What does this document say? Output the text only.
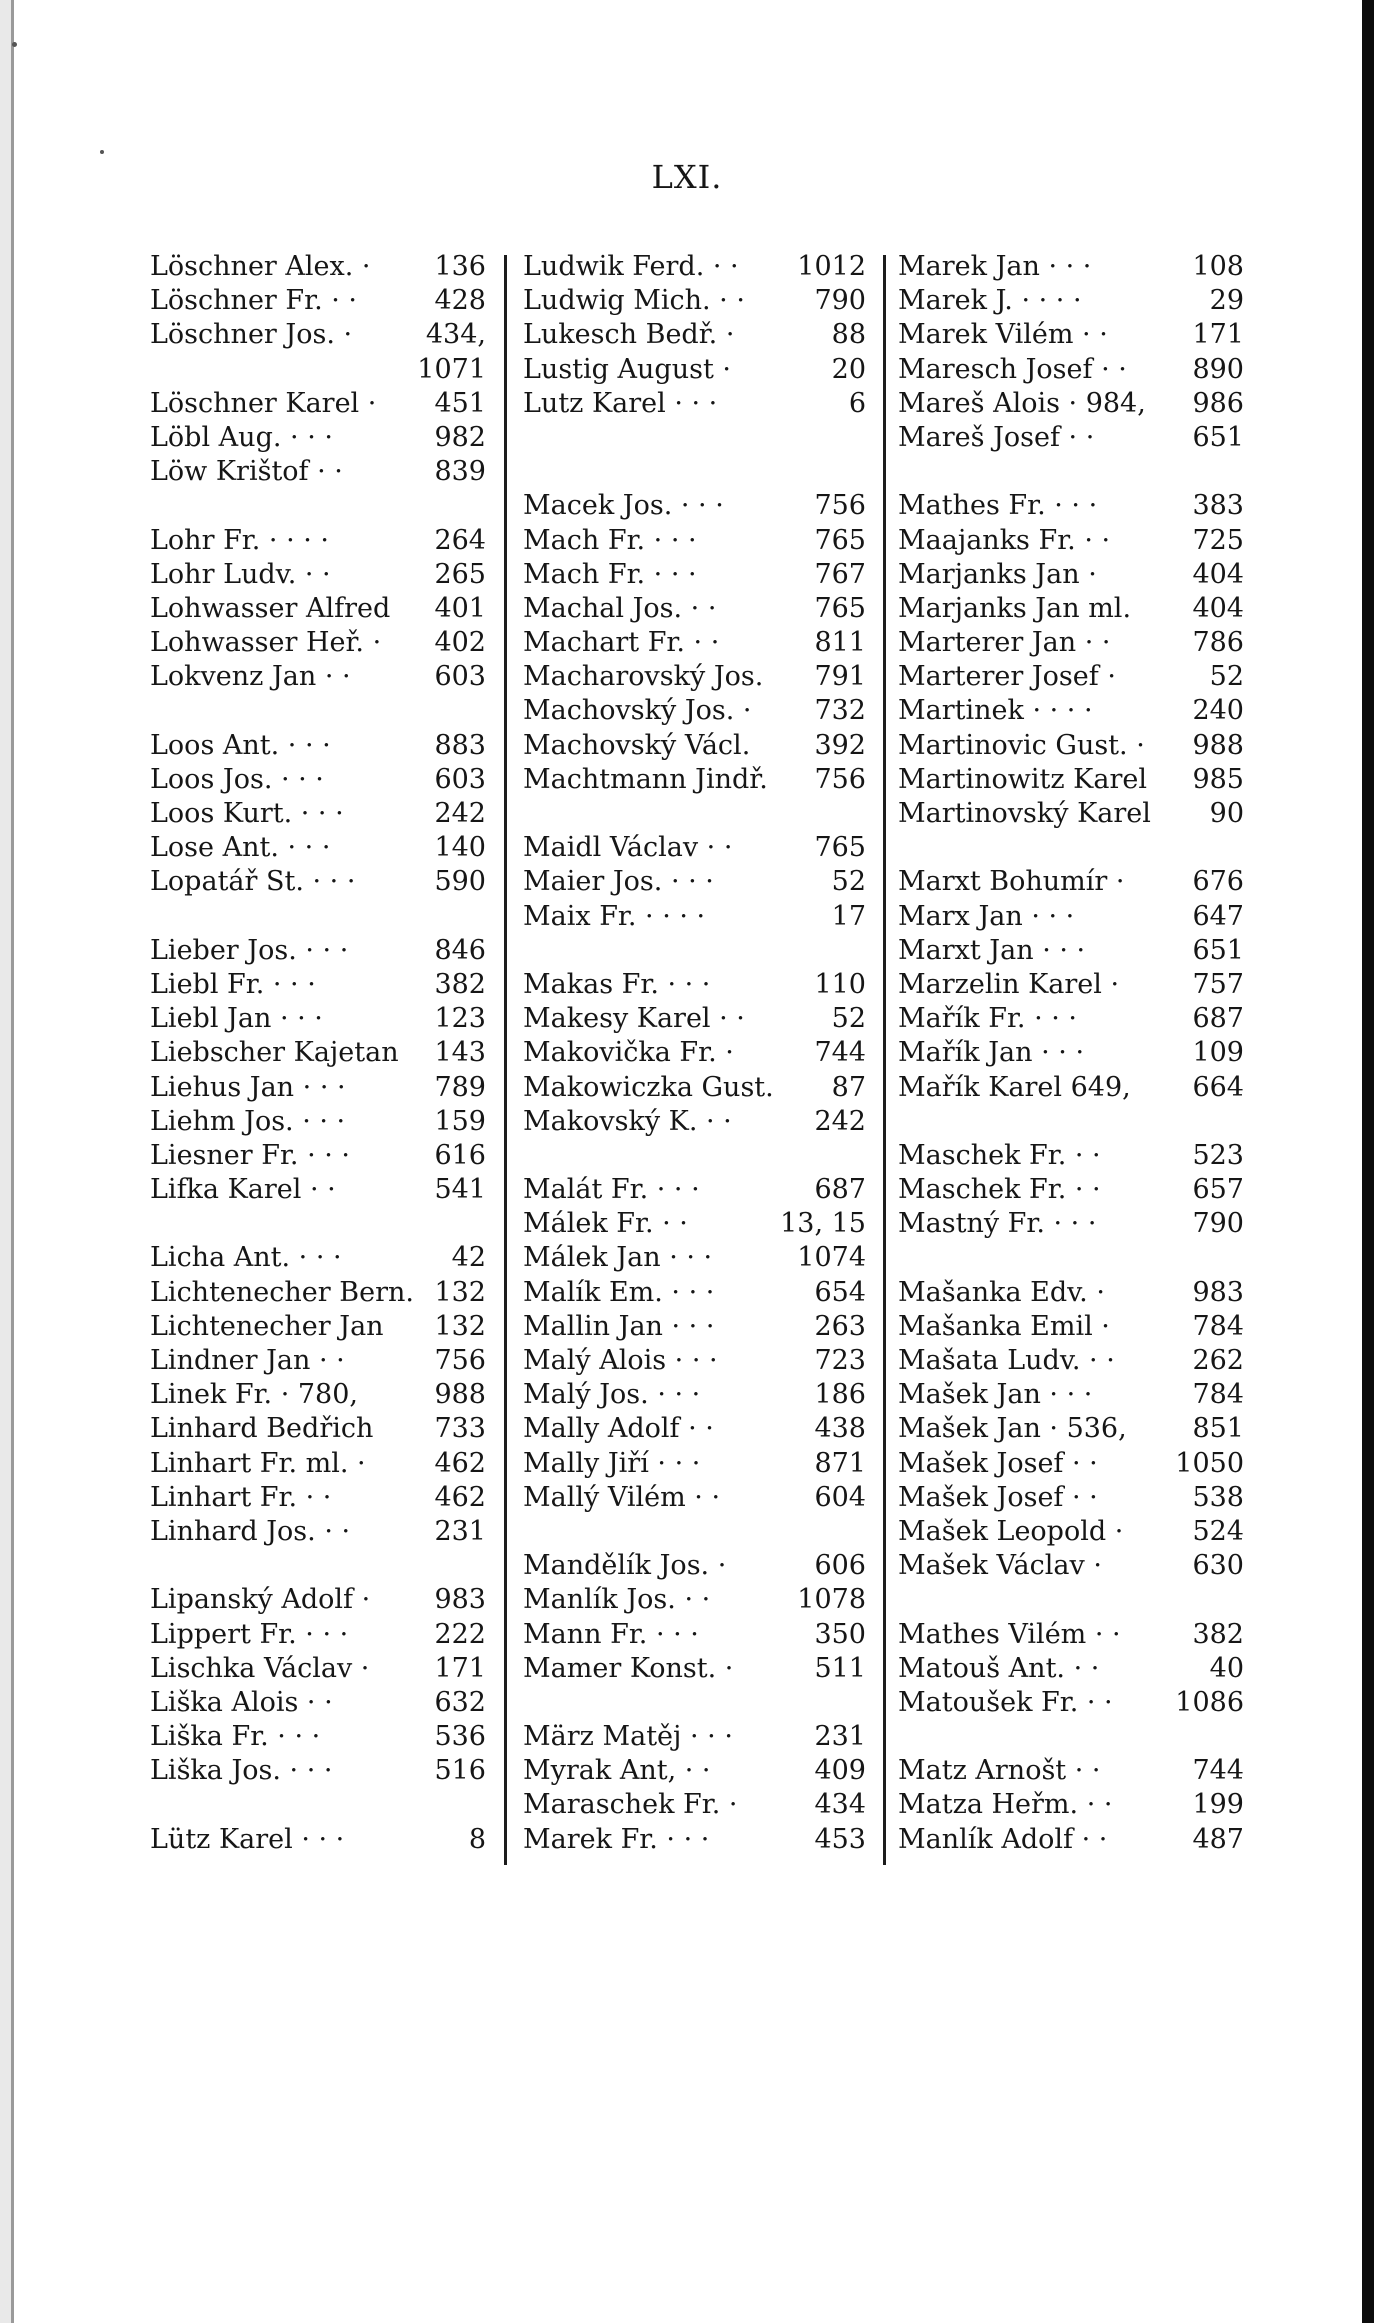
LXI.
Löschner Alex. · 136
Löschner Fr. · ·	428
Löschner Jos. ·	434,
1071
Löschner Karel · 451
Löbl Aug. · · ·	982
Löw Krištof · ·	839
Lohr Fr. · · · ·	264
Lohr Ludv. · ·	265
Lohwasser Alfred 401
Lohwasser Heř. · 402
Lokvenz Jan · ·	603
Loos Ant. · · ·	883
Loos Jos. · · ·	603
Loos Kurt. · · ·	242
Lose Ant. · · ·	140
Lopatář St. · · ·	590
Lieber Jos. · · ·	846
Liebl Fr. · · ·	382
Liebl Jan · · ·	123
Liebscher Kajetan 143
Liehus Jan · · ·	789
Liehm Jos. · · ·	159
Liesner Fr. · · ·	616
Lifka Karel · ·	541
Licha Ant. · · ·	42
Lichtenecher Bern. 132
Lichtenecher Jan 132
Lindner Jan · ·	756
Linek Fr. · 780,	988
Linhard Bedřich 733
Linhart Fr. ml. ·	462
Linhart Fr. · ·	462
Linhard Jos. · ·	231
Lipanský Adolf · 983
Lippert Fr. · · ·	222
Lischka Václav · 171
Liška Alois · ·	632
Liška Fr. · · ·	536
Liška Jos. · · ·	516
Lütz Karel · · ·	8
Ludwik Ferd. · · 1012
Ludwig Mich. · ·	790
Lukesch Bedř. ·	88
Lustig August ·	20
Lutz Karel · · ·	6
Macek Jos. · · ·	756
Mach Fr. · · ·	765
Mach Fr. · · ·	767
Machal Jos. · ·	765
Machart Fr. · ·	811
Macharovský Jos. 791
Machovský Jos. · 732
Machovský Václ. 392
Machtmann Jindř. 756
Maidl Václav · ·	765
Maier Jos. · · ·	52
Maix Fr. · · · ·	17
Makas Fr. · · ·	110
Makesy Karel · ·	52
Makovička Fr. ·	744
Makowiczka Gust. 87
Makovský K. · ·	242
Malát Fr. · · ·	687
Málek Fr. · ·	13, 15
Málek Jan · · ·	1074
Malík Em. · · ·	654
Mallin Jan · · ·	263
Malý Alois · · ·	723
Malý Jos. · · ·	186
Mally Adolf · ·	438
Mally Jiří · · ·	871
Mallý Vilém · ·	604
Mandělík Jos. ·	606
Manlík Jos. · ·	1078
Mann Fr. · · ·	350
Mamer Konst. ·	511
März Matěj · · ·	231
Myrak Ant, · ·	409
Maraschek Fr. ·	434
Marek Fr. · · ·	453
Marek Jan · · ·	108
Marek J. · · · ·	29
Marek Vilém · ·	171
Maresch Josef · · 890
Mareš Alois · 984, 986
Mareš Josef · ·	651
Mathes Fr. · · ·	383
Maajanks Fr. · ·	725
Marjanks Jan ·	404
Marjanks Jan ml. 404
Marterer Jan · ·	786
Marterer Josef ·	52
Martinek · · · ·	240
Martinovic Gust. · 988
Martinowitz Karel 985
Martinovský Karel 90
Marxt Bohumír ·	676
Marx Jan · · ·	647
Marxt Jan · · ·	651
Marzelin Karel ·	757
Mařík Fr. · · ·	687
Mařík Jan · · ·	109
Mařík Karel 649, 664
Maschek Fr. · ·	523
Maschek Fr. · ·	657
Mastný Fr. · · ·	790
Mašanka Edv. ·	983
Mašanka Emil ·	784
Mašata Ludv. · ·	262
Mašek Jan · · ·	784
Mašek Jan · 536, 851
Mašek Josef · ·	1050
Mašek Josef · ·	538
Mašek Leopold ·	524
Mašek Václav ·	630
Mathes Vilém · ·	382
Matouš Ant. · ·	40
Matoušek Fr. · · 1086
Matz Arnošt · ·	744
Matza Heřm. · ·	199
Manlík Adolf · ·	487
